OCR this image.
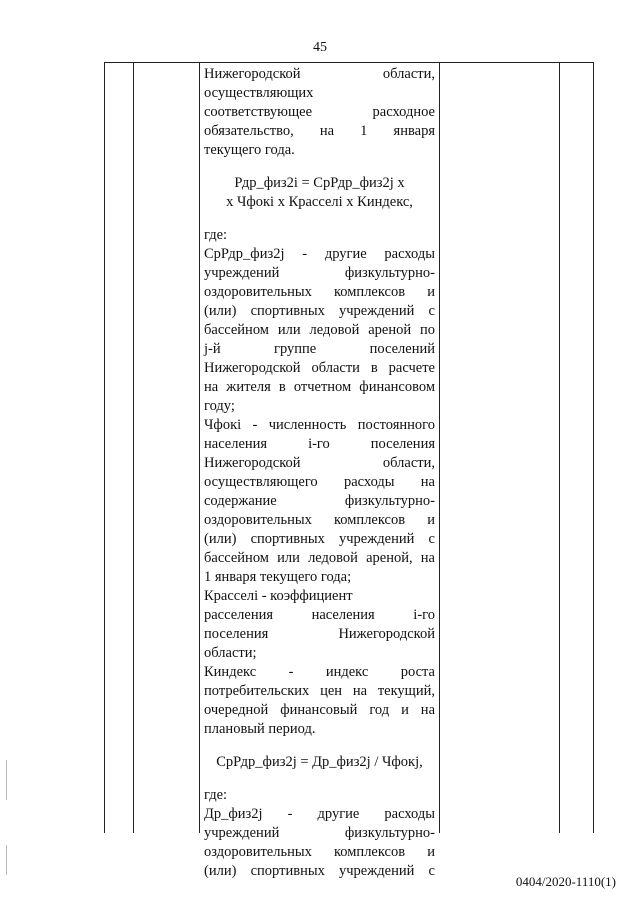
45

Нижегородской области,

осуществляющих

соответствующее расходное

обязательство, на 1 января

текущего года.

Рдр_физ2i = СрРдр_физ2j х
х Чфокi х Красселi х Киндекс,

где:

СрРдр_физ2j - другие расходы

учреждений физкультурно-

оздоровительных комплексов и

(или) спортивных учреждений с

бассейном или ледовой ареной по

j-й группе поселений

Нижегородской области в расчете

на жителя в отчетном финансовом

году;

Чфокi - численность постоянного

населения i-го поселения

Нижегородской области,

осуществляющего расходы на

содержание физкультурно-

оздоровительных комплексов и

(или) спортивных учреждений с

бассейном или ледовой ареной, на

1 января текущего года;

Красселi - коэффициент

расселения населения i-го

поселения Нижегородской

области;

Киндекс - индекс роста

потребительских цен на текущий,

очередной финансовый год и на

плановый период.

СрРдр_физ2j = Др_физ2j / Чфокj,

где:

Др_физ2j - другие расходы

учреждений физкультурно-

оздоровительных комплексов и

(или) спортивных учреждений с

0404/2020-1110(1)
